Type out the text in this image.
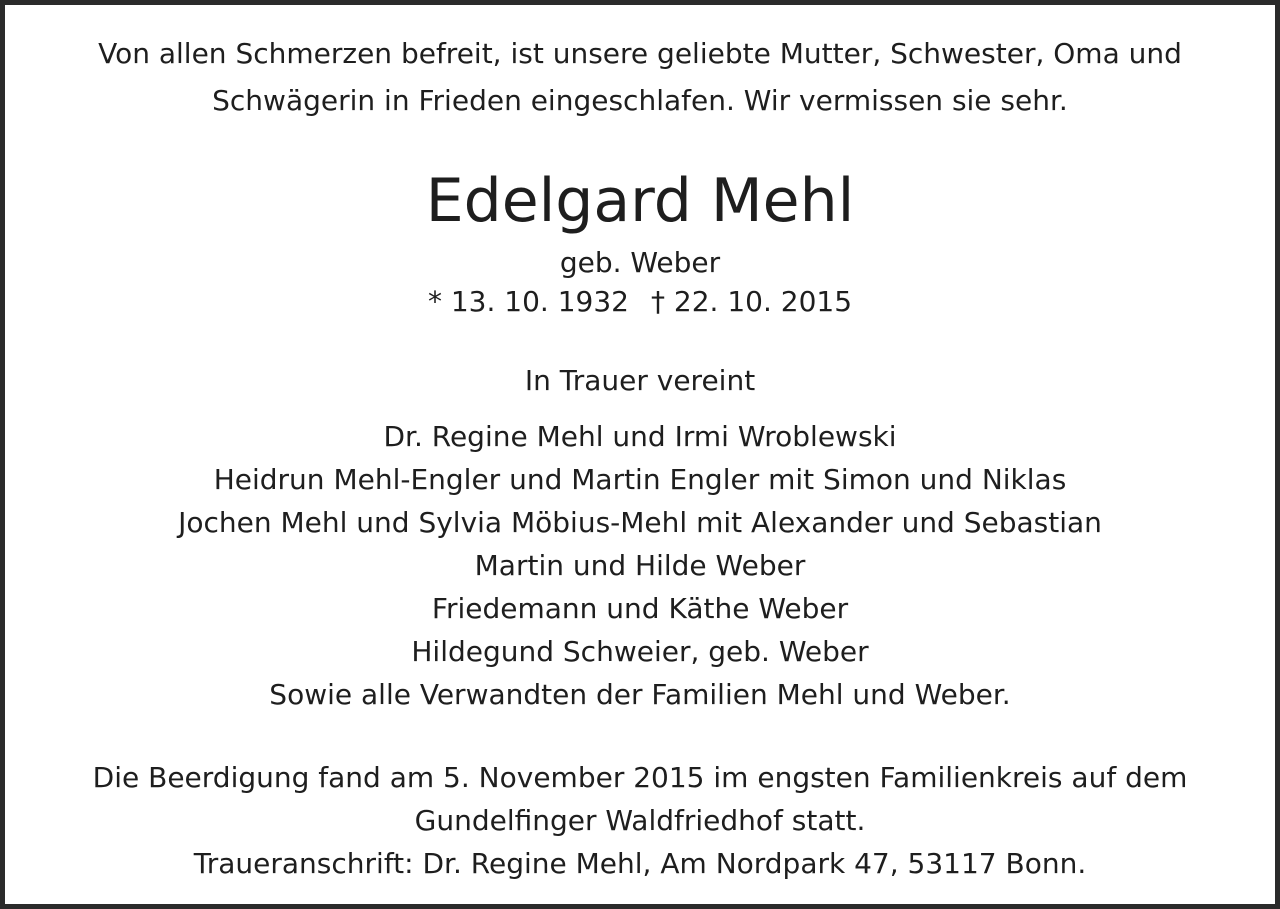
Von allen Schmerzen befreit, ist unsere geliebte Mutter, Schwester, Oma und
Schwägerin in Frieden eingeschlafen. Wir vermissen sie sehr.
Edelgard Mehl
geb. Weber
* 13. 10. 1932 † 22. 10. 2015
In Trauer vereint
Dr. Regine Mehl und Irmi Wroblewski
Heidrun Mehl-Engler und Martin Engler mit Simon und Niklas
Jochen Mehl und Sylvia Möbius-Mehl mit Alexander und Sebastian
Martin und Hilde Weber
Friedemann und Käthe Weber
Hildegund Schweier, geb. Weber
Sowie alle Verwandten der Familien Mehl und Weber.
Die Beerdigung fand am 5. November 2015 im engsten Familienkreis auf dem
Gundelfinger Waldfriedhof statt.
Traueranschrift: Dr. Regine Mehl, Am Nordpark 47, 53117 Bonn.
